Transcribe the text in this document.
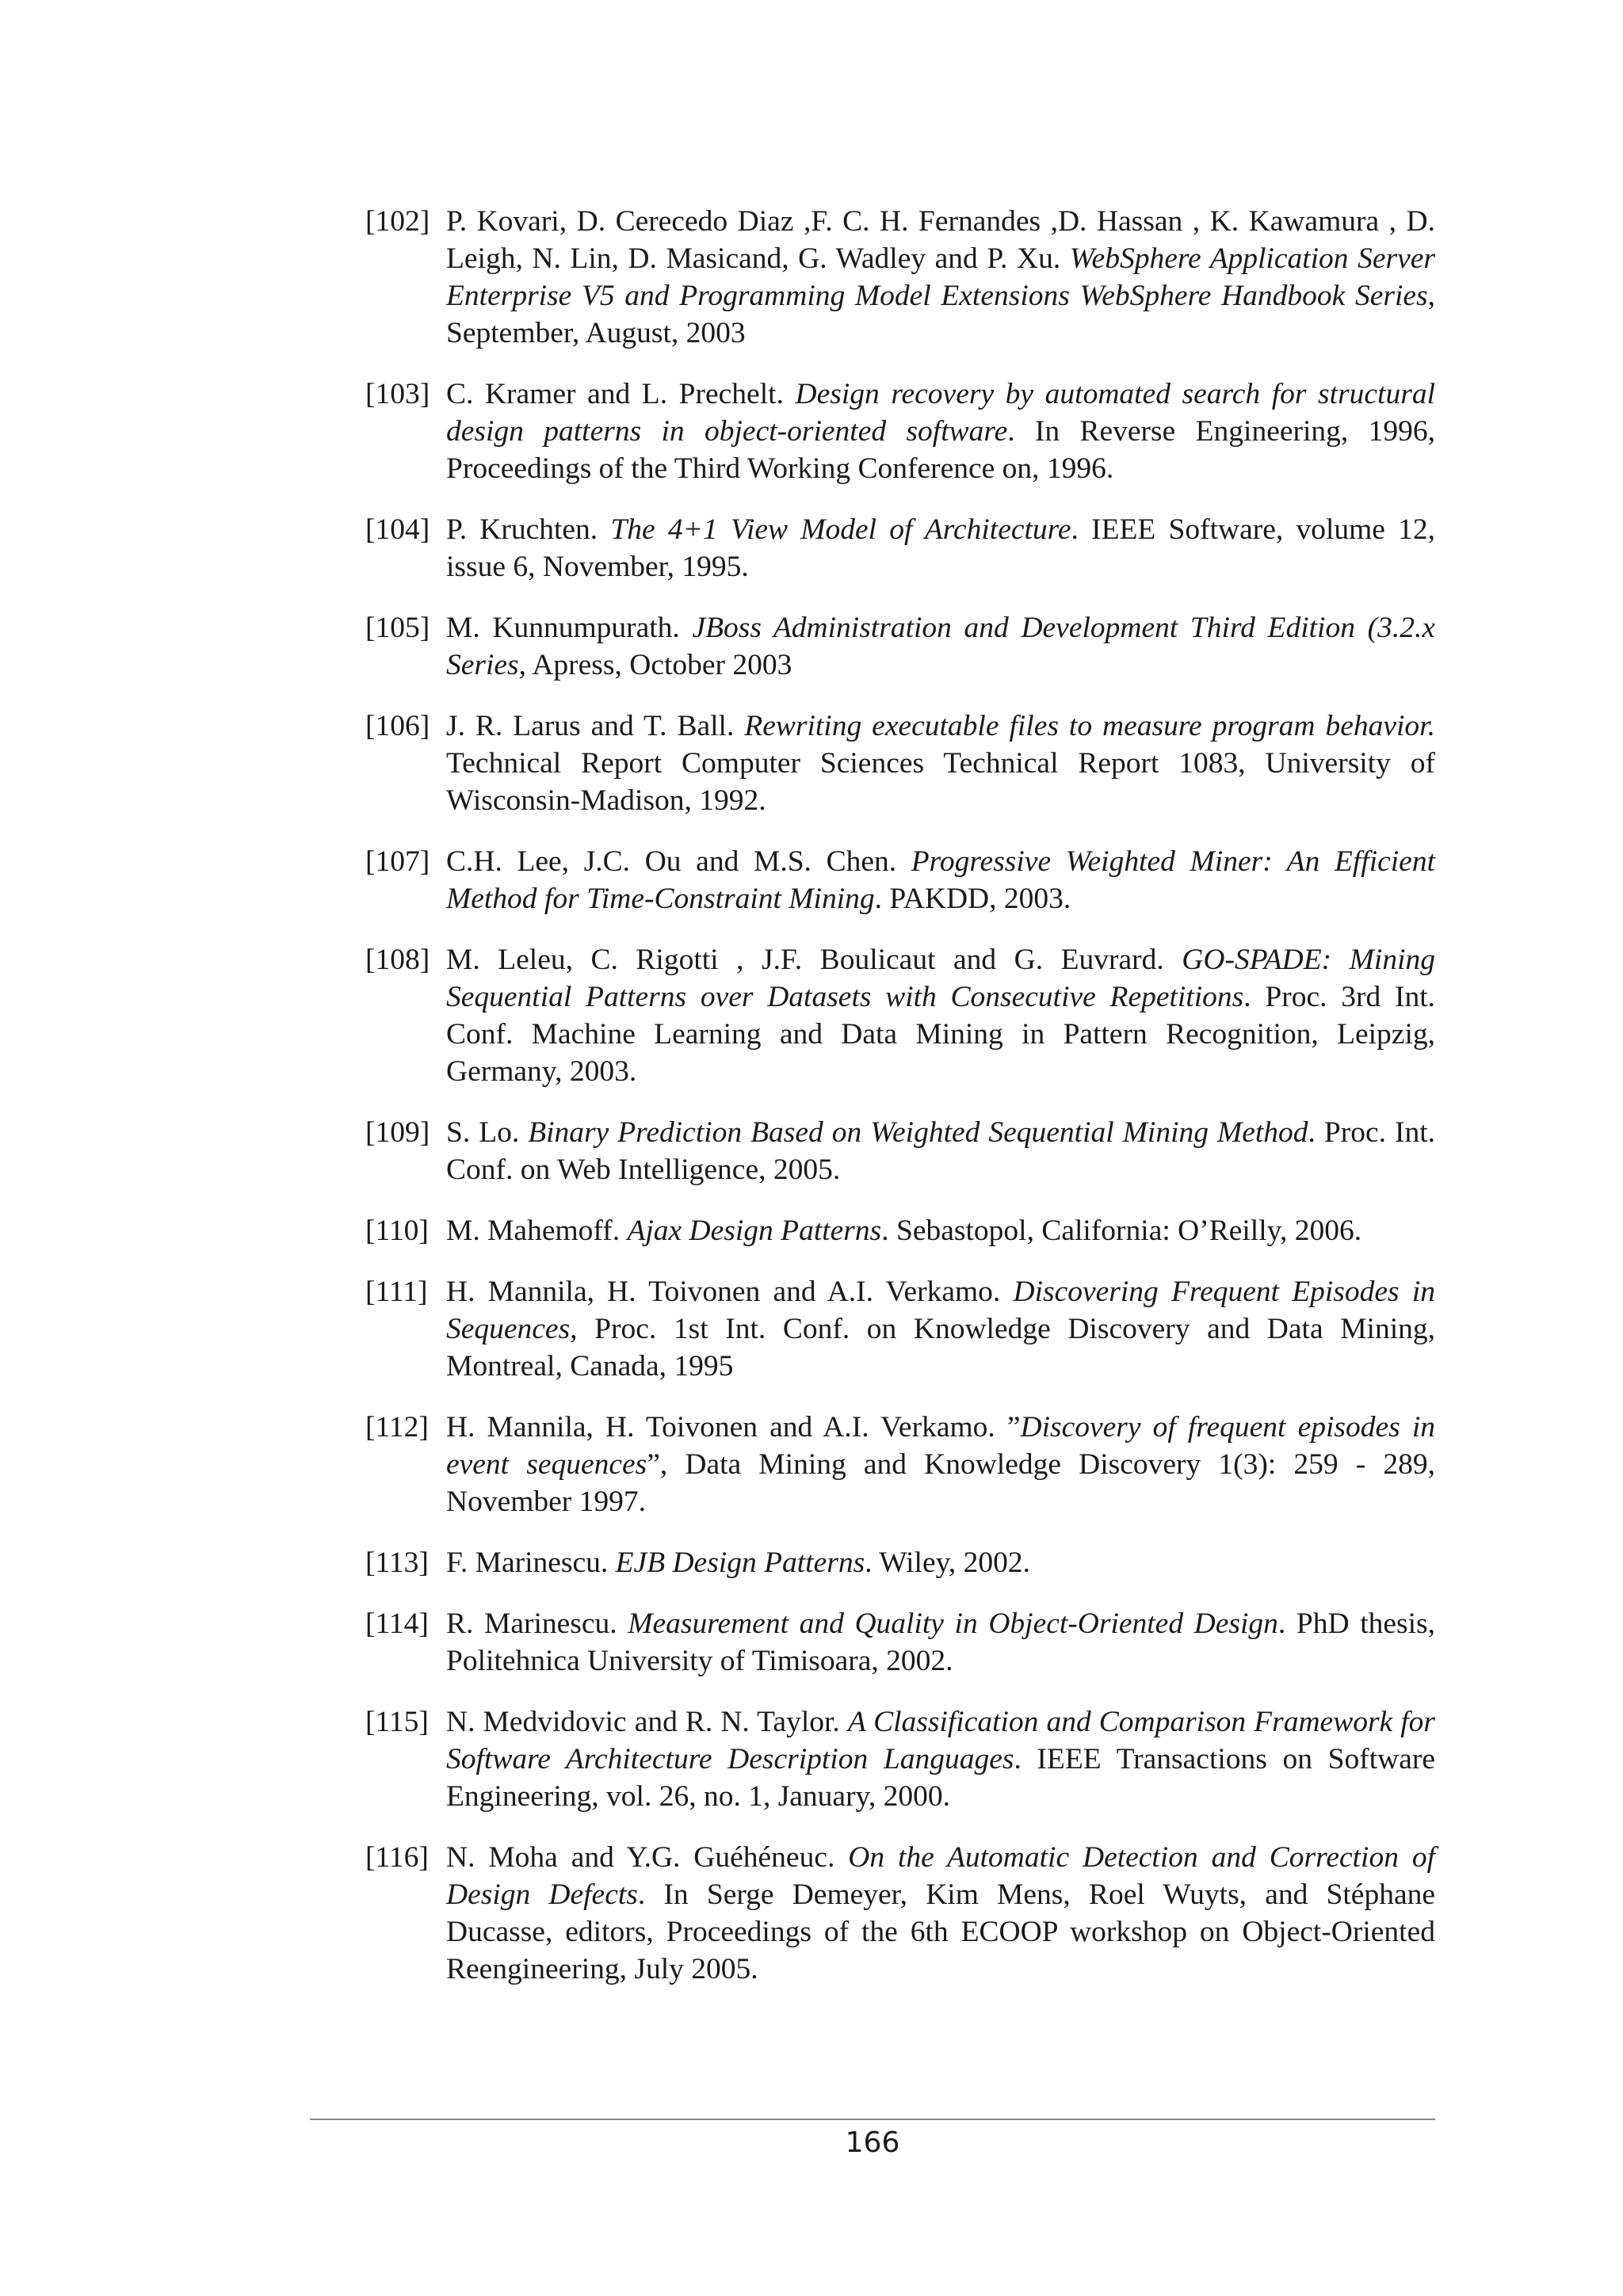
[102] P. Kovari, D. Cerecedo Diaz ,F. C. H. Fernandes ,D. Hassan , K. Kawamura , D. Leigh, N. Lin, D. Masicand, G. Wadley and P. Xu. WebSphere Application Server Enterprise V5 and Programming Model Extensions WebSphere Handbook Series, September, August, 2003
[103] C. Kramer and L. Prechelt. Design recovery by automated search for structural design patterns in object-oriented software. In Reverse Engineering, 1996, Proceedings of the Third Working Conference on, 1996.
[104] P. Kruchten. The 4+1 View Model of Architecture. IEEE Software, volume 12, issue 6, November, 1995.
[105] M. Kunnumpurath. JBoss Administration and Development Third Edition (3.2.x Series, Apress, October 2003
[106] J. R. Larus and T. Ball. Rewriting executable files to measure program behavior. Technical Report Computer Sciences Technical Report 1083, University of Wisconsin-Madison, 1992.
[107] C.H. Lee, J.C. Ou and M.S. Chen. Progressive Weighted Miner: An Efficient Method for Time-Constraint Mining. PAKDD, 2003.
[108] M. Leleu, C. Rigotti , J.F. Boulicaut and G. Euvrard. GO-SPADE: Mining Sequential Patterns over Datasets with Consecutive Repetitions. Proc. 3rd Int. Conf. Machine Learning and Data Mining in Pattern Recognition, Leipzig, Germany, 2003.
[109] S. Lo. Binary Prediction Based on Weighted Sequential Mining Method. Proc. Int. Conf. on Web Intelligence, 2005.
[110] M. Mahemoff. Ajax Design Patterns. Sebastopol, California: O’Reilly, 2006.
[111] H. Mannila, H. Toivonen and A.I. Verkamo. Discovering Frequent Episodes in Sequences, Proc. 1st Int. Conf. on Knowledge Discovery and Data Mining, Montreal, Canada, 1995
[112] H. Mannila, H. Toivonen and A.I. Verkamo. ”Discovery of frequent episodes in event sequences”, Data Mining and Knowledge Discovery 1(3): 259 - 289, November 1997.
[113] F. Marinescu. EJB Design Patterns. Wiley, 2002.
[114] R. Marinescu. Measurement and Quality in Object-Oriented Design. PhD thesis, Politehnica University of Timisoara, 2002.
[115] N. Medvidovic and R. N. Taylor. A Classification and Comparison Framework for Software Architecture Description Languages. IEEE Transactions on Software Engineering, vol. 26, no. 1, January, 2000.
[116] N. Moha and Y.G. Guéhéneuc. On the Automatic Detection and Correction of Design Defects. In Serge Demeyer, Kim Mens, Roel Wuyts, and Stéphane Ducasse, editors, Proceedings of the 6th ECOOP workshop on Object-Oriented Reengineering, July 2005.
166
